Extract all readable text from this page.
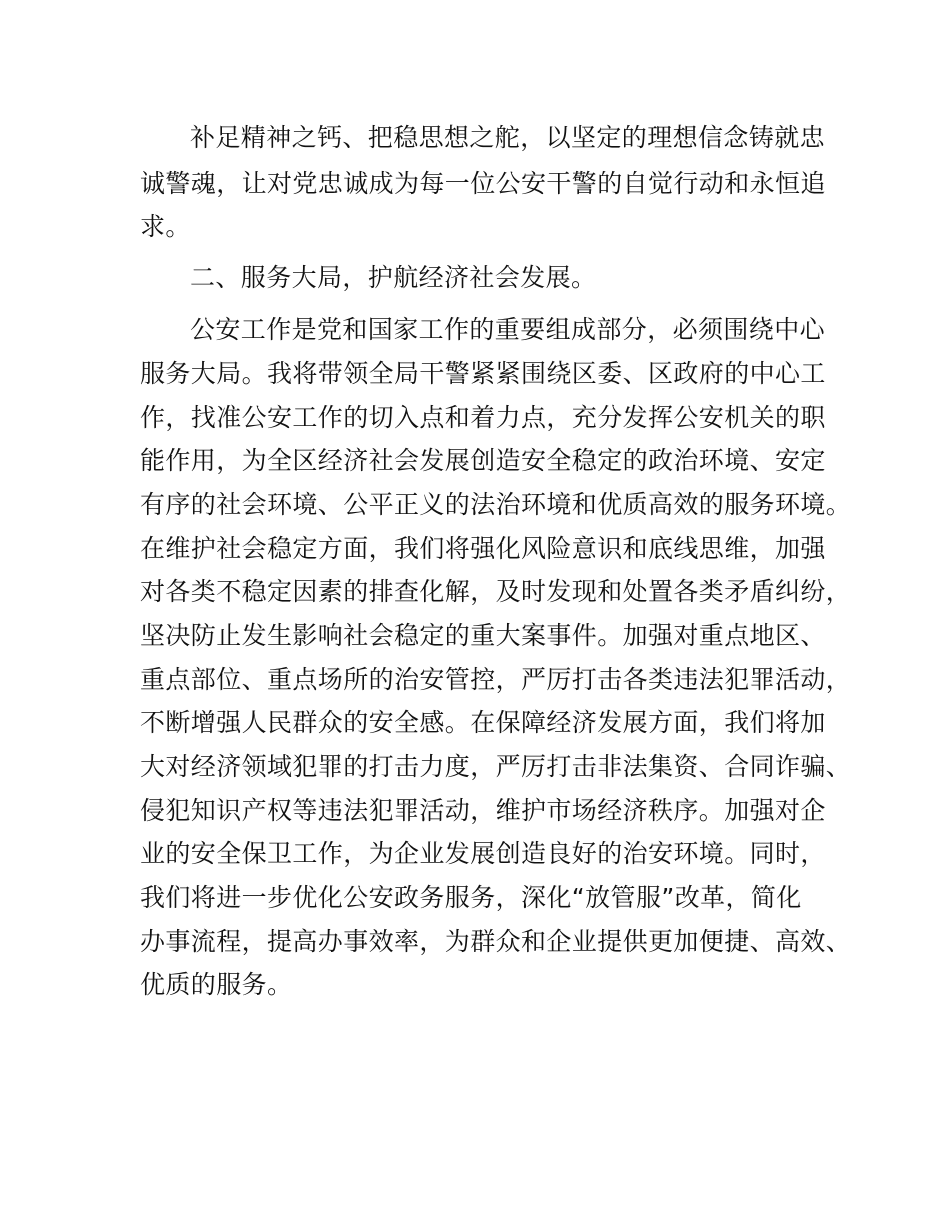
补足精神之钙、把稳思想之舵，以坚定的理想信念铸就忠
诚警魂，让对党忠诚成为每一位公安干警的自觉行动和永恒追
求。
二、服务大局，护航经济社会发展。
公安工作是党和国家工作的重要组成部分，必须围绕中心
服务大局。我将带领全局干警紧紧围绕区委、区政府的中心工
作，找准公安工作的切入点和着力点，充分发挥公安机关的职
能作用，为全区经济社会发展创造安全稳定的政治环境、安定
有序的社会环境、公平正义的法治环境和优质高效的服务环境。
在维护社会稳定方面，我们将强化风险意识和底线思维，加强
对各类不稳定因素的排查化解，及时发现和处置各类矛盾纠纷，
坚决防止发生影响社会稳定的重大案事件。加强对重点地区、
重点部位、重点场所的治安管控，严厉打击各类违法犯罪活动，
不断增强人民群众的安全感。在保障经济发展方面，我们将加
大对经济领域犯罪的打击力度，严厉打击非法集资、合同诈骗、
侵犯知识产权等违法犯罪活动，维护市场经济秩序。加强对企
业的安全保卫工作，为企业发展创造良好的治安环境。同时，
我们将进一步优化公安政务服务，深化“放管服”改革，简化
办事流程，提高办事效率，为群众和企业提供更加便捷、高效、
优质的服务。
